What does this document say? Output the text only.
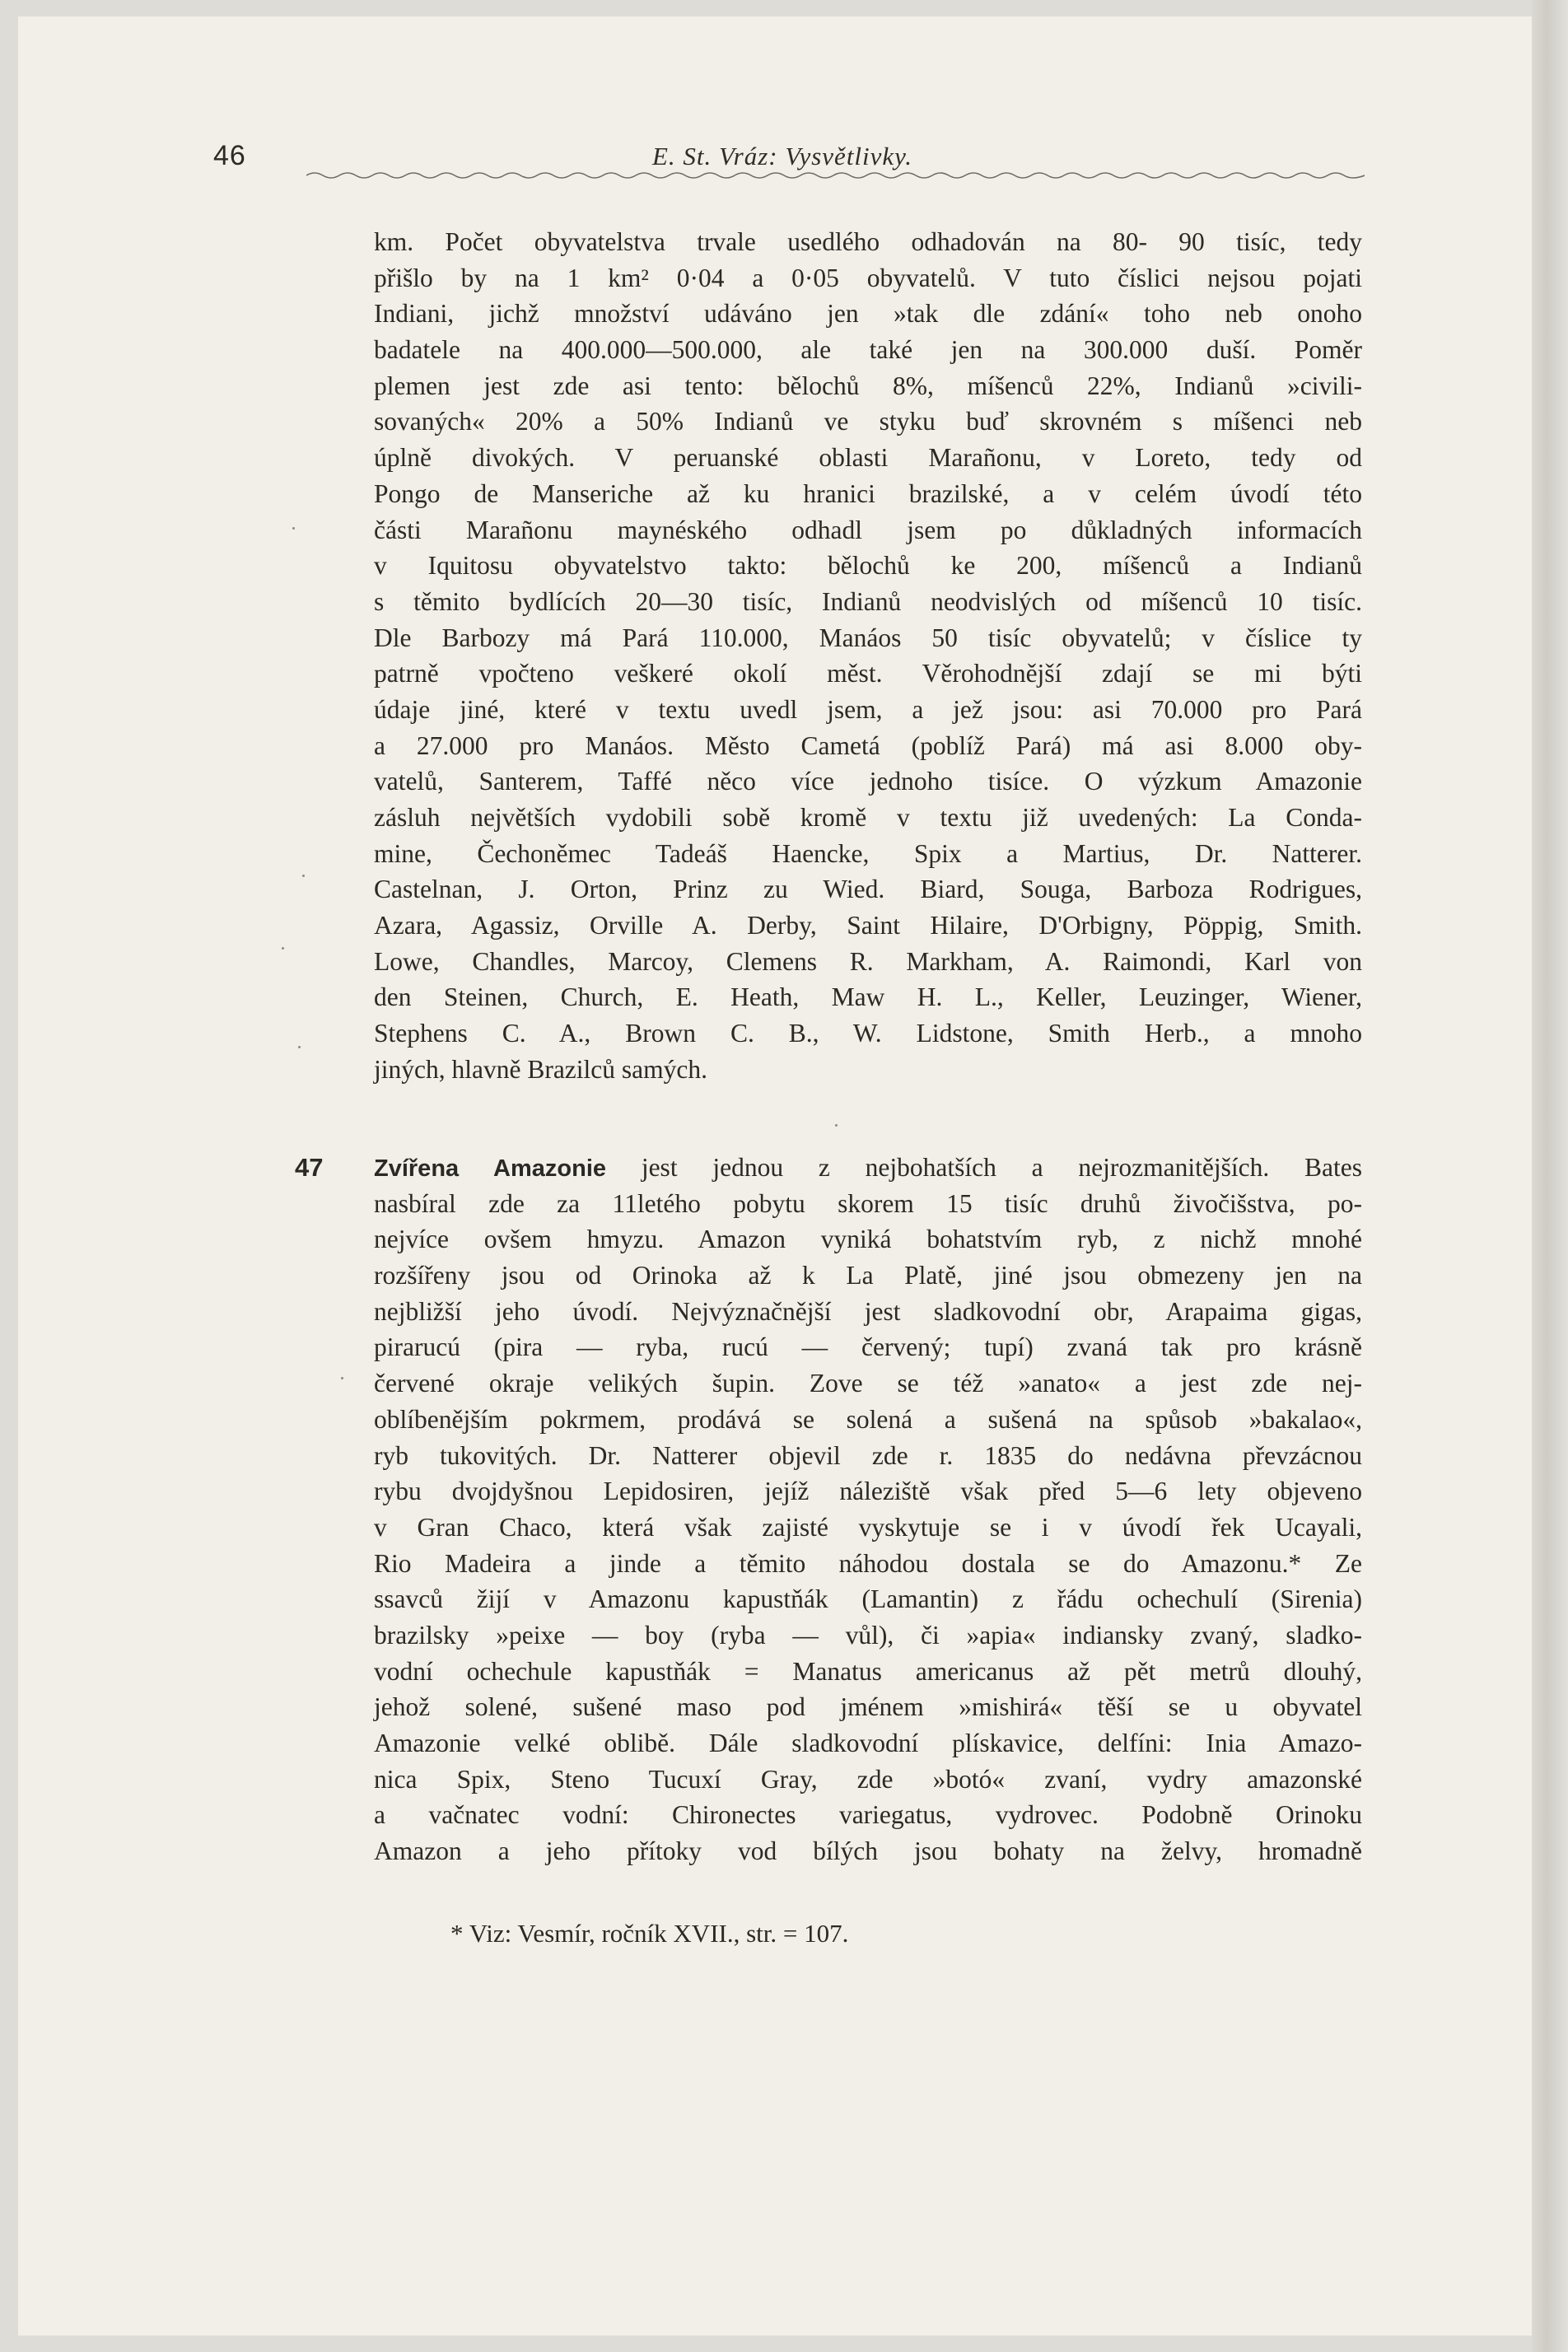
46	E. St. Vráz: Vysvětlivky.
km. Počet obyvatelstva trvale usedlého odhadován na 80- 90 tisíc, tedy
přišlo by na 1 km² 0·04 a 0·05 obyvatelů. V tuto číslici nejsou pojati
Indiani, jichž množství udáváno jen »tak dle zdání« toho neb onoho
badatele na 400.000—500.000, ale také jen na 300.000 duší. Poměr
plemen jest zde asi tento: bělochů 8%, míšenců 22%, Indianů »civili-
sovaných« 20% a 50% Indianů ve styku buď skrovném s míšenci neb
úplně divokých. V peruanské oblasti Marañonu, v Loreto, tedy od
Pongo de Manseriche až ku hranici brazilské, a v celém úvodí této
části Marañonu maynéského odhadl jsem po důkladných informacích
v Iquitosu obyvatelstvo takto: bělochů ke 200, míšenců a Indianů
s těmito bydlících 20—30 tisíc, Indianů neodvislých od míšenců 10 tisíc.
Dle Barbozy má Pará 110.000, Manáos 50 tisíc obyvatelů; v číslice ty
patrně vpočteno veškeré okolí měst. Věrohodnější zdají se mi býti
údaje jiné, které v textu uvedl jsem, a jež jsou: asi 70.000 pro Pará
a 27.000 pro Manáos. Město Cametá (poblíž Pará) má asi 8.000 oby-
vatelů, Santerem, Taffé něco více jednoho tisíce. O výzkum Amazonie
zásluh největších vydobili sobě kromě v textu již uvedených: La Conda-
mine, Čechoněmec Tadeáš Haencke, Spix a Martius, Dr. Natterer.
Castelnan, J. Orton, Prinz zu Wied. Biard, Souga, Barboza Rodrigues,
Azara, Agassiz, Orville A. Derby, Saint Hilaire, D'Orbigny, Pöppig, Smith.
Lowe, Chandles, Marcoy, Clemens R. Markham, A. Raimondi, Karl von
den Steinen, Church, E. Heath, Maw H. L., Keller, Leuzinger, Wiener,
Stephens C. A., Brown C. B., W. Lidstone, Smith Herb., a mnoho
jiných, hlavně Brazilců samých.
47 Zvířena Amazonie jest jednou z nejbohatších a nejrozmanitějších. Bates
nasbíral zde za 11letého pobytu skorem 15 tisíc druhů živočišstva, po-
nejvíce ovšem hmyzu. Amazon vyniká bohatstvím ryb, z nichž mnohé
rozšířeny jsou od Orinoka až k La Platě, jiné jsou obmezeny jen na
nejbližší jeho úvodí. Nejvýznačnější jest sladkovodní obr, Arapaima gigas,
pirarucú (pira — ryba, rucú — červený; tupí) zvaná tak pro krásně
červené okraje velikých šupin. Zove se též »anato« a jest zde nej-
oblíbenějším pokrmem, prodává se solená a sušená na spůsob »bakalao«,
ryb tukovitých. Dr. Natterer objevil zde r. 1835 do nedávna převzácnou
rybu dvojdyšnou Lepidosiren, jejíž náleziště však před 5—6 lety objeveno
v Gran Chaco, která však zajisté vyskytuje se i v úvodí řek Ucayali,
Rio Madeira a jinde a těmito náhodou dostala se do Amazonu.* Ze
ssavců žijí v Amazonu kapustňák (Lamantin) z řádu ochechulí (Sirenia)
brazilsky »peixe — boy (ryba — vůl), či »apia« indiansky zvaný, sladko-
vodní ochechule kapustňák = Manatus americanus až pět metrů dlouhý,
jehož solené, sušené maso pod jménem »mishirá« těší se u obyvatel
Amazonie velké oblibě. Dále sladkovodní plískavice, delfíni: Inia Amazo-
nica Spix, Steno Tucuxí Gray, zde »botó« zvaní, vydry amazonské
a vačnatec vodní: Chironectes variegatus, vydrovec. Podobně Orinoku
Amazon a jeho přítoky vod bílých jsou bohaty na želvy, hromadně
* Viz: Vesmír, ročník XVII., str. = 107.
